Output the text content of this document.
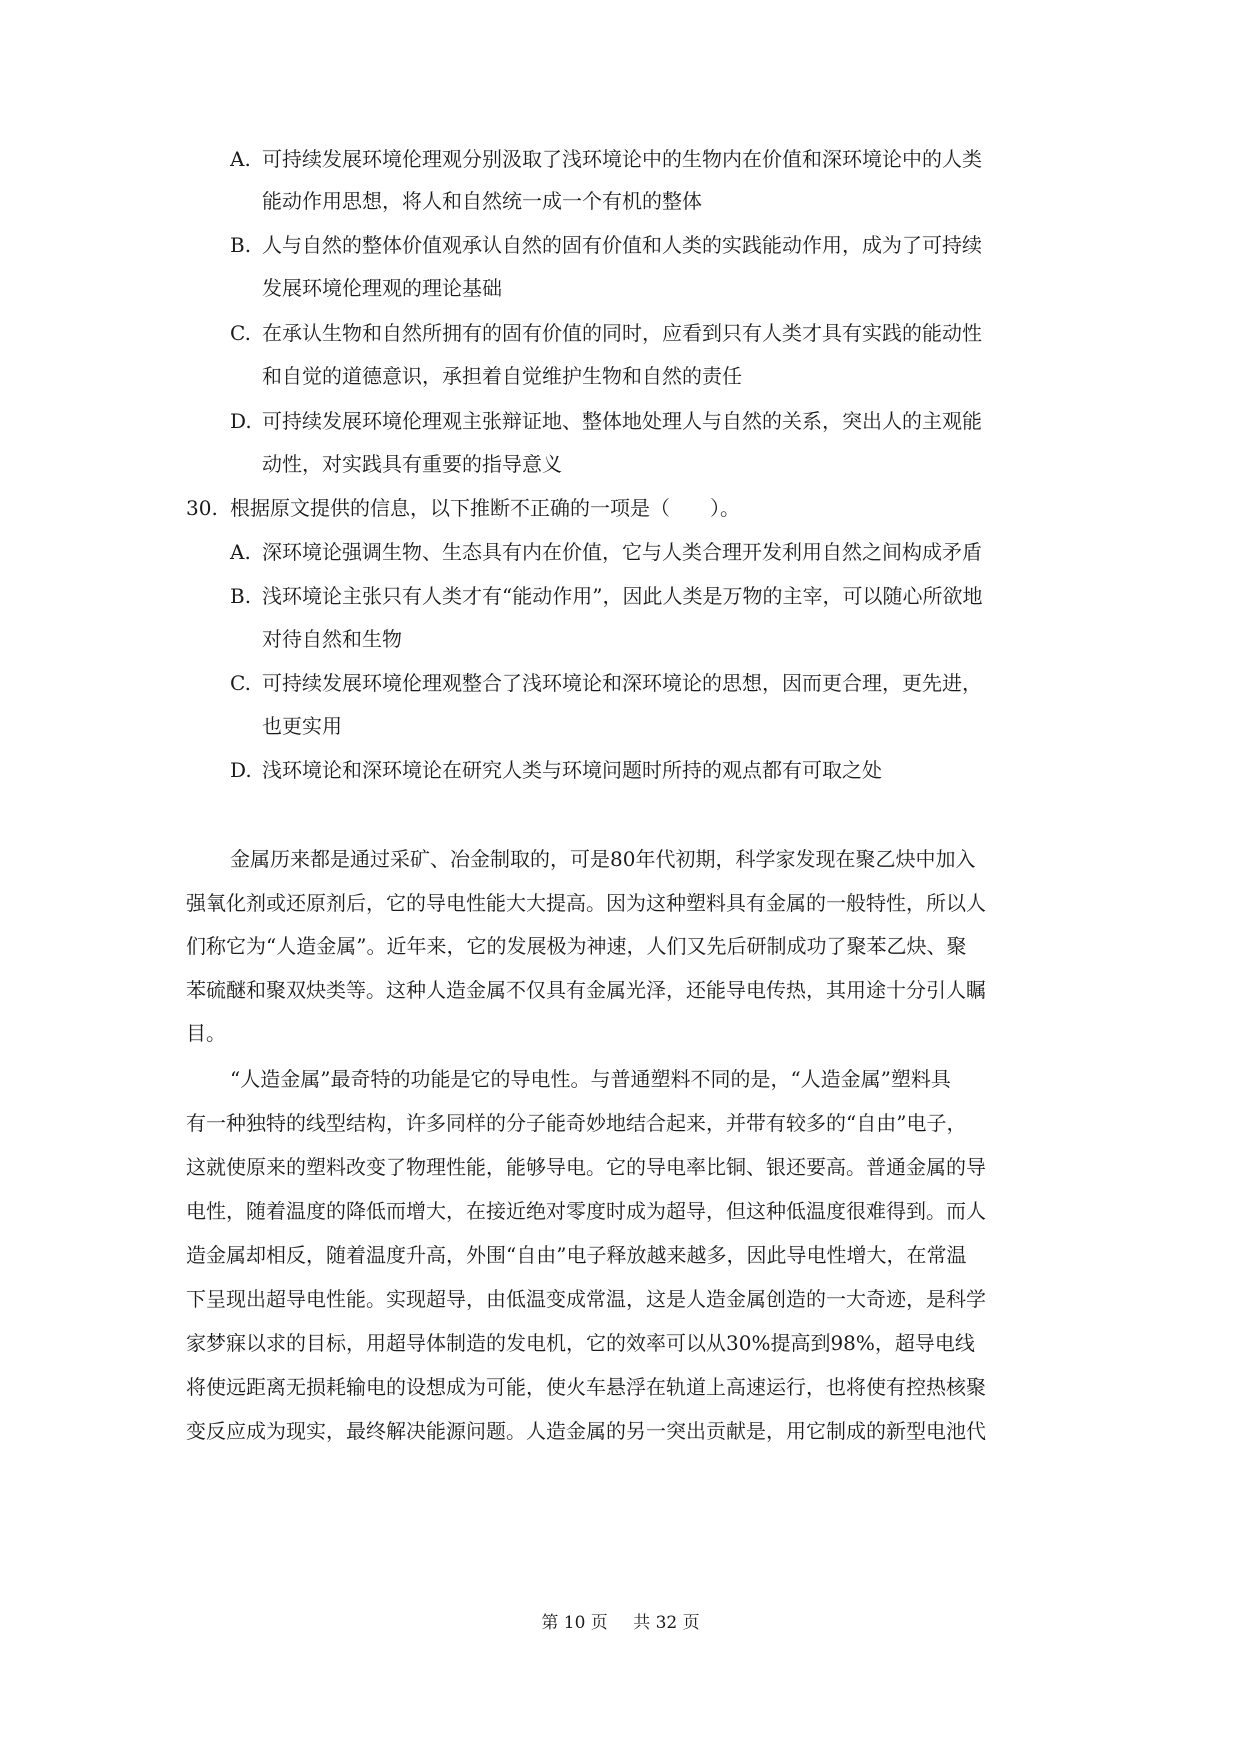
A. 可持续发展环境伦理观分别汲取了浅环境论中的生物内在价值和深环境论中的人类
能动作用思想，将人和自然统一成一个有机的整体
B. 人与自然的整体价值观承认自然的固有价值和人类的实践能动作用，成为了可持续
发展环境伦理观的理论基础
C. 在承认生物和自然所拥有的固有价值的同时，应看到只有人类才具有实践的能动性
和自觉的道德意识，承担着自觉维护生物和自然的责任
D. 可持续发展环境伦理观主张辩证地、整体地处理人与自然的关系，突出人的主观能
动性，对实践具有重要的指导意义
30. 根据原文提供的信息，以下推断不正确的一项是（　　）。
A. 深环境论强调生物、生态具有内在价值，它与人类合理开发利用自然之间构成矛盾
B. 浅环境论主张只有人类才有“能动作用”，因此人类是万物的主宰，可以随心所欲地
对待自然和生物
C. 可持续发展环境伦理观整合了浅环境论和深环境论的思想，因而更合理，更先进，
也更实用
D. 浅环境论和深环境论在研究人类与环境问题时所持的观点都有可取之处
金属历来都是通过采矿、冶金制取的，可是80年代初期，科学家发现在聚乙炔中加入
强氧化剂或还原剂后，它的导电性能大大提高。因为这种塑料具有金属的一般特性，所以人
们称它为“人造金属”。近年来，它的发展极为神速，人们又先后研制成功了聚苯乙炔、聚
苯硫醚和聚双炔类等。这种人造金属不仅具有金属光泽，还能导电传热，其用途十分引人瞩
目。
“人造金属”最奇特的功能是它的导电性。与普通塑料不同的是，“人造金属”塑料具
有一种独特的线型结构，许多同样的分子能奇妙地结合起来，并带有较多的“自由”电子，
这就使原来的塑料改变了物理性能，能够导电。它的导电率比铜、银还要高。普通金属的导
电性，随着温度的降低而增大，在接近绝对零度时成为超导，但这种低温度很难得到。而人
造金属却相反，随着温度升高，外围“自由”电子释放越来越多，因此导电性增大，在常温
下呈现出超导电性能。实现超导，由低温变成常温，这是人造金属创造的一大奇迹，是科学
家梦寐以求的目标，用超导体制造的发电机，它的效率可以从30%提高到98%，超导电线
将使远距离无损耗输电的设想成为可能，使火车悬浮在轨道上高速运行，也将使有控热核聚
变反应成为现实，最终解决能源问题。人造金属的另一突出贡献是，用它制成的新型电池代
第 10 页 共 32 页
